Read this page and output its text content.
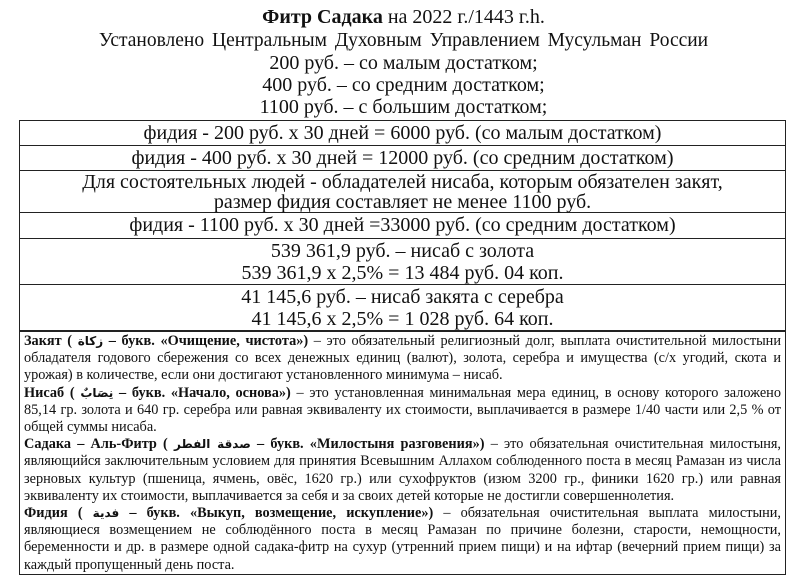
Фитр Садака на 2022 г./1443 г.h.
Установлено Центральным Духовным Управлением Мусульман России
200 руб. – со малым достатком;
400 руб. – со средним достатком;
1100 руб. – с большим достатком;
фидия - 200 руб. х 30 дней = 6000 руб. (со малым достатком)
фидия - 400 руб. х 30 дней = 12000 руб. (со средним достатком)
Для состоятельных людей - обладателей нисаба, которым обязателен закят,
размер фидия составляет не менее 1100 руб.
фидия - 1100 руб. х 30 дней =33000 руб. (со средним достатком)
539 361,9 руб. – нисаб с золота
539 361,9 х 2,5% = 13 484 руб. 04 коп.
41 145,6 руб. – нисаб закята с серебра
41 145,6 х 2,5% = 1 028 руб. 64 коп.

Закят ( زكاة – букв. «Очищение, чистота») – это обязательный религиозный долг, выплата очистительной милостыни обладателя годового сбережения со всех денежных единиц (валют), золота, серебра и имущества (с/х угодий, скота и урожая) в количестве, если они достигают установленного минимума – нисаб.

Нисаб ( نِصَابٌ – букв. «Начало, основа») – это установленная минимальная мера единиц, в основу которого заложено 85,14 гр. золота и 640 гр. серебра или равная эквиваленту их стоимости, выплачивается в размере 1/40 части или 2,5 % от общей суммы нисаба.

Садака – Аль-Фитр ( صدقة الفطر – букв. «Милостыня разговения») – это обязательная очистительная милостыня, являющийся заключительным условием для принятия Всевышним Аллахом соблюденного поста в месяц Рамазан из числа зерновых культур (пшеница, ячмень, овёс, 1620 гр.) или сухофруктов (изюм 3200 гр., финики 1620 гр.) или равная эквиваленту их стоимости, выплачивается за себя и за своих детей которые не достигли совершеннолетия.

Фидия ( فدية – букв. «Выкуп, возмещение, искупление») – обязательная очистительная выплата милостыни, являющиеся возмещением не соблюдённого поста в месяц Рамазан по причине болезни, старости, немощности, беременности и др. в размере одной садака-фитр на сухур (утренний прием пищи) и на ифтар (вечерний прием пищи) за каждый пропущенный день поста.
